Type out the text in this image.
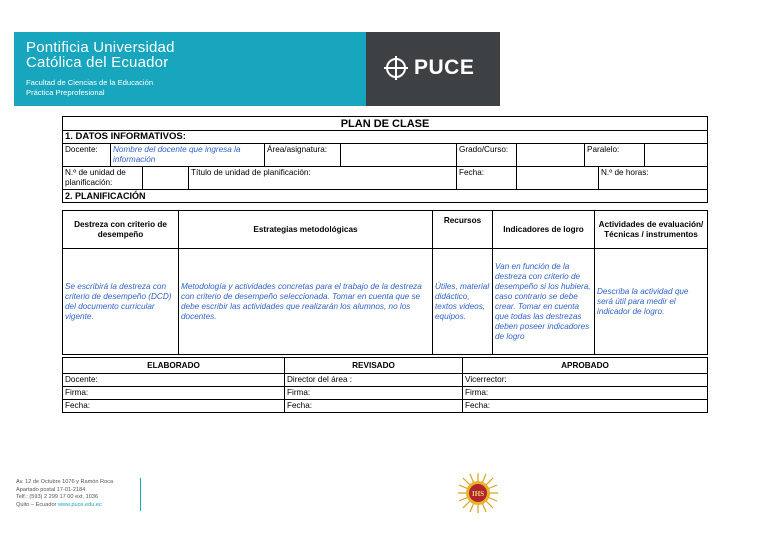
Pontificia Universidad
Católica del Ecuador
Facultad de Ciencias de la Educación
Práctica Preprofesional
PUCE
PLAN DE CLASE										
1. DATOS INFORMATIVOS:										
Docente:	Nombre del docente que ingresa la información			Área/asignatura:		Grado/Curso:		Paralelo:		
N.º de unidad de planificación:			Título de unidad de planificación:			Fecha:			N.º de horas:	
2. PLANIFICACIÓN										
Destreza con criterio de desempeño	Estrategias metodológicas	Recursos	Indicadores de logro	Actividades de evaluación/ Técnicas / instrumentos
Se escribirá la destreza con criterio de desempeño (DCD) del documento curricular vigente.	Metodología y actividades concretas para el trabajo de la destreza con criterio de desempeño seleccionada. Tomar en cuenta que se debe escribir las actividades que realizarán los alumnos, no los docentes.	Útiles, material didáctico, textos videos, equipos.	Van en función de la destreza con criterio de desempeño si los hubiera, caso contrario se debe crear. Tomar en cuenta que todas las destrezas deben poseer indicadores de logro	Describa la actividad que será útil para medir el indicador de logro.
ELABORADO	REVISADO	APROBADO
Docente:	Director del área :	Vicerrector:
Firma:	Firma:	Firma:
Fecha:	Fecha:	Fecha:
Av. 12 de Octubre 1076 y Ramón Roca
Apartado postal 17-01-2184
Telf.: (593) 2 299 17 00 ext. 1036
Quito – Ecuador www.puce.edu.ec
IHS
